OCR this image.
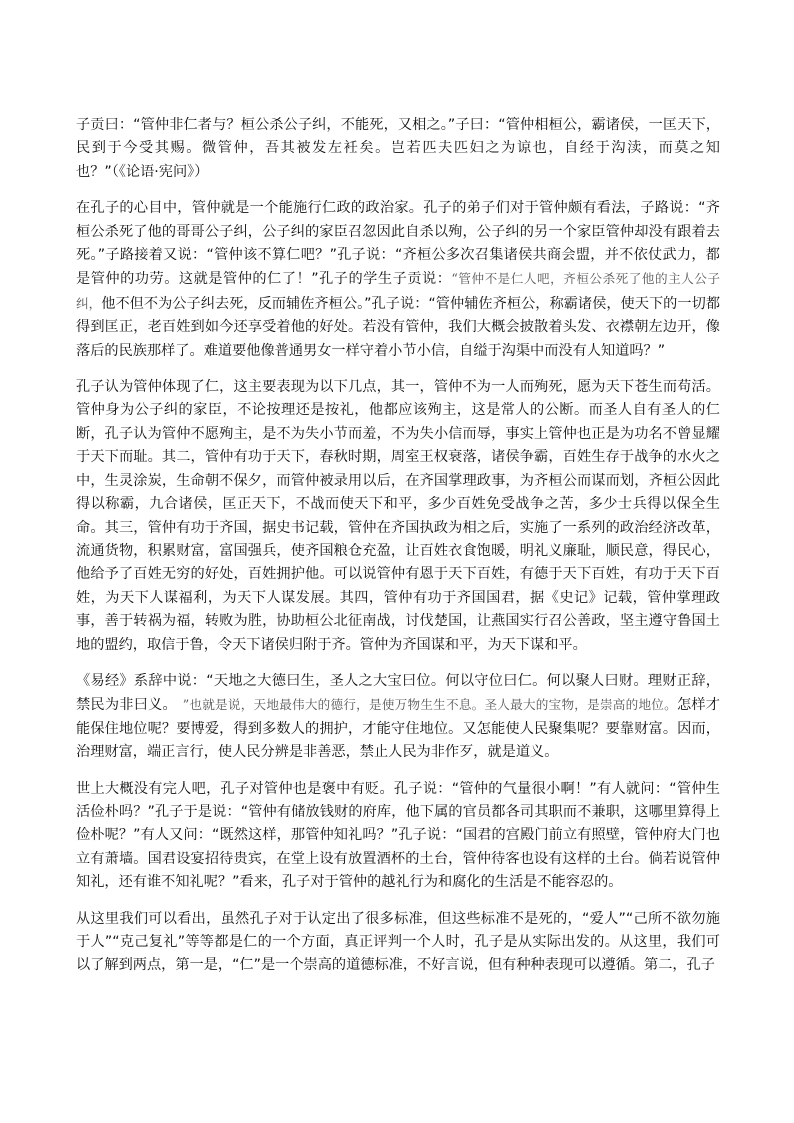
子贡曰：“管仲非仁者与？桓公杀公子纠，不能死，又相之。”子曰：“管仲相桓公，霸诸侯，一匡天下，民到于今受其赐。微管仲，吾其被发左衽矣。岂若匹夫匹妇之为谅也，自经于沟渎，而莫之知也？”（《论语·宪问》）

在孔子的心目中，管仲就是一个能施行仁政的政治家。孔子的弟子们对于管仲颇有看法，子路说：“齐桓公杀死了他的哥哥公子纠，公子纠的家臣召忽因此自杀以殉，公子纠的另一个家臣管仲却没有跟着去死。”子路接着又说：“管仲该不算仁吧？”孔子说：“齐桓公多次召集诸侯共商会盟，并不依仗武力，都是管仲的功劳。这就是管仲的仁了！”孔子的学生子贡说：“管仲不是仁人吧，齐桓公杀死了他的主人公子纠，他不但不为公子纠去死，反而辅佐齐桓公。”孔子说：“管仲辅佐齐桓公，称霸诸侯，使天下的一切都得到匡正，老百姓到如今还享受着他的好处。若没有管仲，我们大概会披散着头发、衣襟朝左边开，像落后的民族那样了。难道要他像普通男女一样守着小节小信，自缢于沟渠中而没有人知道吗？”

孔子认为管仲体现了仁，这主要表现为以下几点，其一，管仲不为一人而殉死，愿为天下苍生而苟活。管仲身为公子纠的家臣，不论按理还是按礼，他都应该殉主，这是常人的公断。而圣人自有圣人的仁断，孔子认为管仲不愿殉主，是不为失小节而羞，不为失小信而辱，事实上管仲也正是为功名不曾显耀于天下而耻。其二，管仲有功于天下，春秋时期，周室王权衰落，诸侯争霸，百姓生存于战争的水火之中，生灵涂炭，生命朝不保夕，而管仲被录用以后，在齐国掌理政事，为齐桓公而谋而划，齐桓公因此得以称霸，九合诸侯，匡正天下，不战而使天下和平，多少百姓免受战争之苦，多少士兵得以保全生命。其三，管仲有功于齐国，据史书记载，管仲在齐国执政为相之后，实施了一系列的政治经济改革，流通货物，积累财富，富国强兵，使齐国粮仓充盈，让百姓衣食饱暖，明礼义廉耻，顺民意，得民心，他给予了百姓无穷的好处，百姓拥护他。可以说管仲有恩于天下百姓，有德于天下百姓，有功于天下百姓，为天下人谋福利，为天下人谋发展。其四，管仲有功于齐国国君，据《史记》记载，管仲掌理政事，善于转祸为福，转败为胜，协助桓公北征南战，讨伐楚国，让燕国实行召公善政，坚主遵守鲁国土地的盟约，取信于鲁，令天下诸侯归附于齐。管仲为齐国谋和平，为天下谋和平。

《易经》系辞中说：“天地之大德曰生，圣人之大宝曰位。何以守位曰仁。何以聚人曰财。理财正辞，禁民为非曰义。　”也就是说，天地最伟大的德行，是使万物生生不息。圣人最大的宝物，是崇高的地位。怎样才能保住地位呢？要博爱，得到多数人的拥护，才能守住地位。又怎能使人民聚集呢？要靠财富。因而，治理财富，端正言行，使人民分辨是非善恶，禁止人民为非作歹，就是道义。

世上大概没有完人吧，孔子对管仲也是褒中有贬。孔子说：“管仲的气量很小啊！”有人就问：“管仲生活俭朴吗？”孔子于是说：“管仲有储放钱财的府库，他下属的官员都各司其职而不兼职，这哪里算得上俭朴呢？”有人又问：“既然这样，那管仲知礼吗？”孔子说：“国君的宫殿门前立有照壁，管仲府大门也立有萧墙。国君设宴招待贵宾，在堂上设有放置酒杯的土台，管仲待客也设有这样的土台。倘若说管仲知礼，还有谁不知礼呢？”看来，孔子对于管仲的越礼行为和腐化的生活是不能容忍的。

从这里我们可以看出，虽然孔子对于认定出了很多标准，但这些标准不是死的，“爱人”“己所不欲勿施于人”“克己复礼”等等都是仁的一个方面，真正评判一个人时，孔子是从实际出发的。从这里，我们可以了解到两点，第一是，“仁”是一个崇高的道德标准，不好言说，但有种种表现可以遵循。第二，孔子
